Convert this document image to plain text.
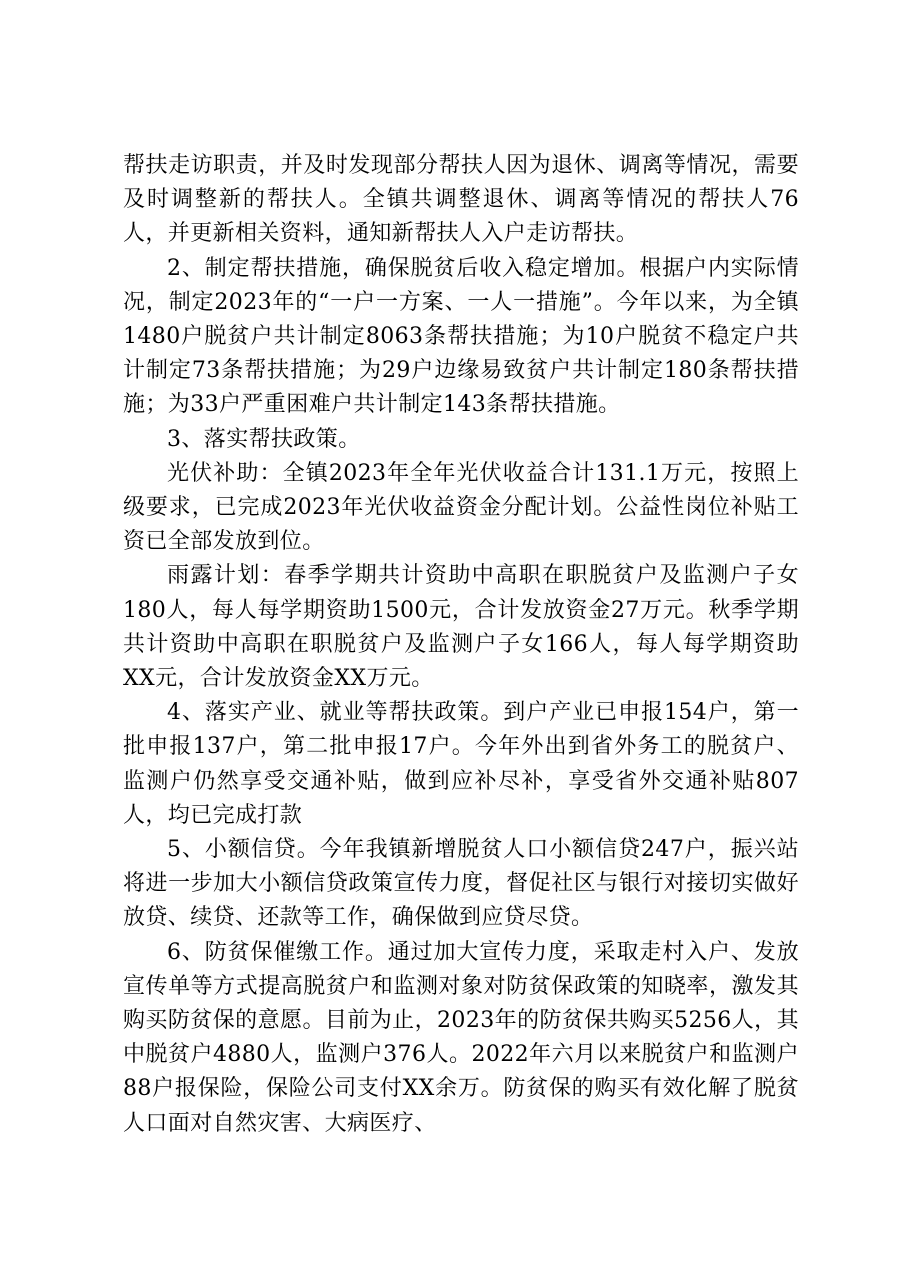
帮扶走访职责，并及时发现部分帮扶人因为退休、调离等情况，需要及时调整新的帮扶人。全镇共调整退休、调离等情况的帮扶人76人，并更新相关资料，通知新帮扶人入户走访帮扶。

2、制定帮扶措施，确保脱贫后收入稳定增加。根据户内实际情况，制定2023年的“一户一方案、一人一措施”。今年以来，为全镇1480户脱贫户共计制定8063条帮扶措施；为10户脱贫不稳定户共计制定73条帮扶措施；为29户边缘易致贫户共计制定180条帮扶措施；为33户严重困难户共计制定143条帮扶措施。

3、落实帮扶政策。

光伏补助：全镇2023年全年光伏收益合计131.1万元，按照上级要求，已完成2023年光伏收益资金分配计划。公益性岗位补贴工资已全部发放到位。

雨露计划：春季学期共计资助中高职在职脱贫户及监测户子女180人，每人每学期资助1500元，合计发放资金27万元。秋季学期共计资助中高职在职脱贫户及监测户子女166人，每人每学期资助XX元，合计发放资金XX万元。

4、落实产业、就业等帮扶政策。到户产业已申报154户，第一批申报137户，第二批申报17户。今年外出到省外务工的脱贫户、监测户仍然享受交通补贴，做到应补尽补，享受省外交通补贴807人，均已完成打款

5、小额信贷。今年我镇新增脱贫人口小额信贷247户，振兴站将进一步加大小额信贷政策宣传力度，督促社区与银行对接切实做好放贷、续贷、还款等工作，确保做到应贷尽贷。

6、防贫保催缴工作。通过加大宣传力度，采取走村入户、发放宣传单等方式提高脱贫户和监测对象对防贫保政策的知晓率，激发其购买防贫保的意愿。目前为止，2023年的防贫保共购买5256人，其中脱贫户4880人，监测户376人。2022年六月以来脱贫户和监测户88户报保险，保险公司支付XX余万。防贫保的购买有效化解了脱贫人口面对自然灾害、大病医疗、
